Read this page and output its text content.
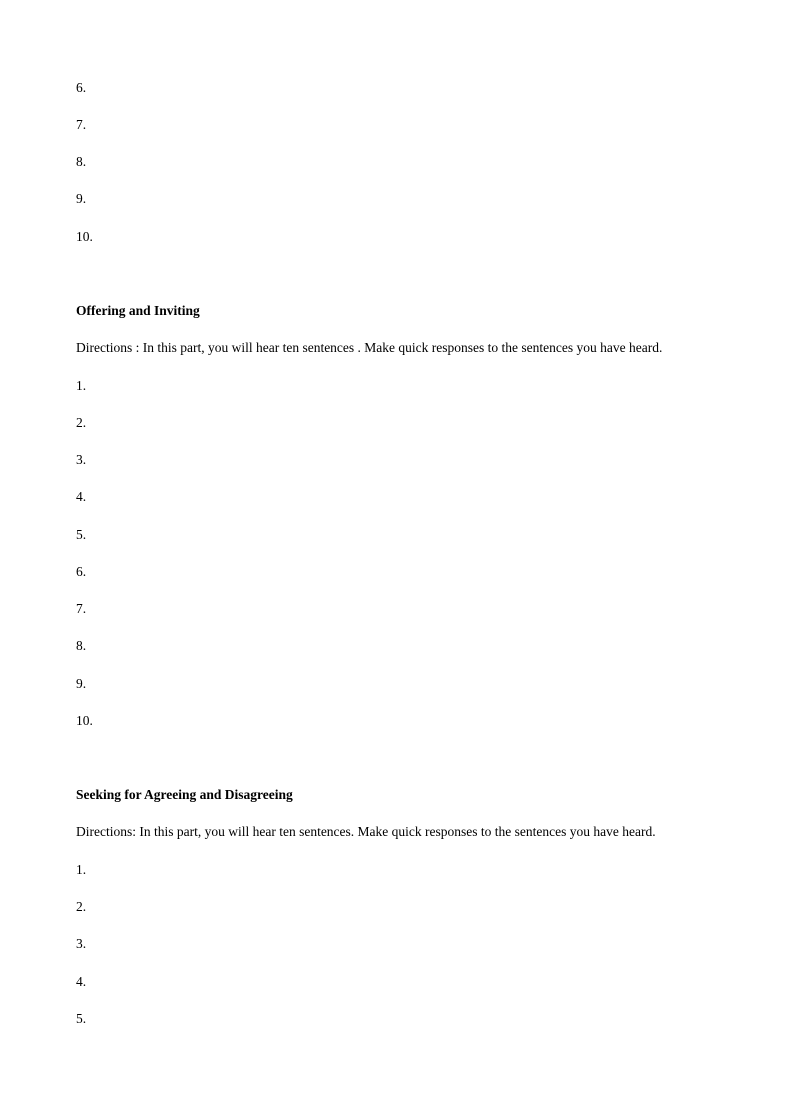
6.
7.
8.
9.
10.
Offering and Inviting
Directions : In this part, you will hear ten sentences . Make quick responses to the sentences you have heard.
1.
2.
3.
4.
5.
6.
7.
8.
9.
10.
Seeking for Agreeing and Disagreeing
Directions: In this part, you will hear ten sentences. Make quick responses to the sentences you have heard.
1.
2.
3.
4.
5.
